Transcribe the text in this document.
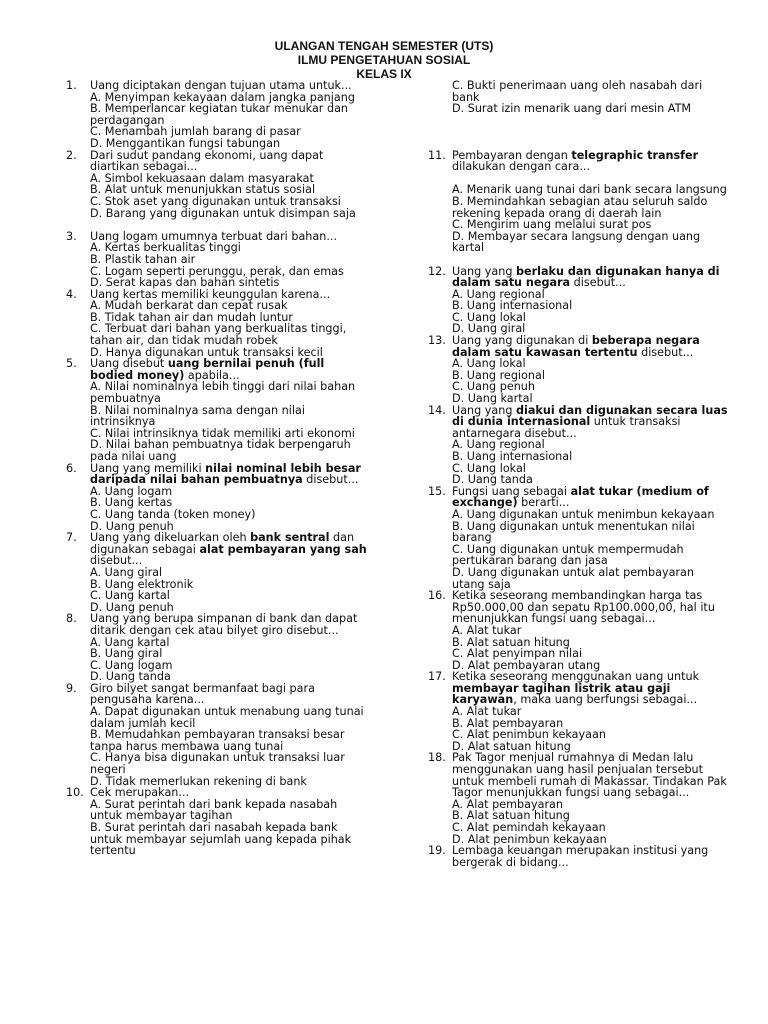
ULANGAN TENGAH SEMESTER (UTS)
ILMU PENGETAHUAN SOSIAL
KELAS IX
1. Uang diciptakan dengan tujuan utama untuk...
A. Menyimpan kekayaan dalam jangka panjang
B. Memperlancar kegiatan tukar menukar dan perdagangan
C. Menambah jumlah barang di pasar
D. Menggantikan fungsi tabungan
2. Dari sudut pandang ekonomi, uang dapat diartikan sebagai...
A. Simbol kekuasaan dalam masyarakat
B. Alat untuk menunjukkan status sosial
C. Stok aset yang digunakan untuk transaksi
D. Barang yang digunakan untuk disimpan saja
3. Uang logam umumnya terbuat dari bahan...
A. Kertas berkualitas tinggi
B. Plastik tahan air
C. Logam seperti perunggu, perak, dan emas
D. Serat kapas dan bahan sintetis
4. Uang kertas memiliki keunggulan karena...
A. Mudah berkarat dan cepat rusak
B. Tidak tahan air dan mudah luntur
C. Terbuat dari bahan yang berkualitas tinggi, tahan air, dan tidak mudah robek
D. Hanya digunakan untuk transaksi kecil
5. Uang disebut uang bernilai penuh (full bodied money) apabila...
A. Nilai nominalnya lebih tinggi dari nilai bahan pembuatnya
B. Nilai nominalnya sama dengan nilai intrinsiknya
C. Nilai intrinsiknya tidak memiliki arti ekonomi
D. Nilai bahan pembuatnya tidak berpengaruh pada nilai uang
6. Uang yang memiliki nilai nominal lebih besar daripada nilai bahan pembuatnya disebut...
A. Uang logam
B. Uang kertas
C. Uang tanda (token money)
D. Uang penuh
7. Uang yang dikeluarkan oleh bank sentral dan digunakan sebagai alat pembayaran yang sah disebut...
A. Uang giral
B. Uang elektronik
C. Uang kartal
D. Uang penuh
8. Uang yang berupa simpanan di bank dan dapat ditarik dengan cek atau bilyet giro disebut...
A. Uang kartal
B. Uang giral
C. Uang logam
D. Uang tanda
9. Giro bilyet sangat bermanfaat bagi para pengusaha karena...
A. Dapat digunakan untuk menabung uang tunai dalam jumlah kecil
B. Memudahkan pembayaran transaksi besar tanpa harus membawa uang tunai
C. Hanya bisa digunakan untuk transaksi luar negeri
D. Tidak memerlukan rekening di bank
10. Cek merupakan...
A. Surat perintah dari bank kepada nasabah untuk membayar tagihan
B. Surat perintah dari nasabah kepada bank untuk membayar sejumlah uang kepada pihak tertentu
C. Bukti penerimaan uang oleh nasabah dari bank
D. Surat izin menarik uang dari mesin ATM
11. Pembayaran dengan telegraphic transfer dilakukan dengan cara...
A. Menarik uang tunai dari bank secara langsung
B. Memindahkan sebagian atau seluruh saldo rekening kepada orang di daerah lain
C. Mengirim uang melalui surat pos
D. Membayar secara langsung dengan uang kartal
12. Uang yang berlaku dan digunakan hanya di dalam satu negara disebut...
A. Uang regional
B. Uang internasional
C. Uang lokal
D. Uang giral
13. Uang yang digunakan di beberapa negara dalam satu kawasan tertentu disebut...
A. Uang lokal
B. Uang regional
C. Uang penuh
D. Uang kartal
14. Uang yang diakui dan digunakan secara luas di dunia internasional untuk transaksi antarnegara disebut...
A. Uang regional
B. Uang internasional
C. Uang lokal
D. Uang tanda
15. Fungsi uang sebagai alat tukar (medium of exchange) berarti...
A. Uang digunakan untuk menimbun kekayaan
B. Uang digunakan untuk menentukan nilai barang
C. Uang digunakan untuk mempermudah pertukaran barang dan jasa
D. Uang digunakan untuk alat pembayaran utang saja
16. Ketika seseorang membandingkan harga tas Rp50.000,00 dan sepatu Rp100.000,00, hal itu menunjukkan fungsi uang sebagai...
A. Alat tukar
B. Alat satuan hitung
C. Alat penyimpan nilai
D. Alat pembayaran utang
17. Ketika seseorang menggunakan uang untuk membayar tagihan listrik atau gaji karyawan, maka uang berfungsi sebagai...
A. Alat tukar
B. Alat pembayaran
C. Alat penimbun kekayaan
D. Alat satuan hitung
18. Pak Tagor menjual rumahnya di Medan lalu menggunakan uang hasil penjualan tersebut untuk membeli rumah di Makassar. Tindakan Pak Tagor menunjukkan fungsi uang sebagai...
A. Alat pembayaran
B. Alat satuan hitung
C. Alat pemindah kekayaan
D. Alat penimbun kekayaan
19. Lembaga keuangan merupakan institusi yang bergerak di bidang...
